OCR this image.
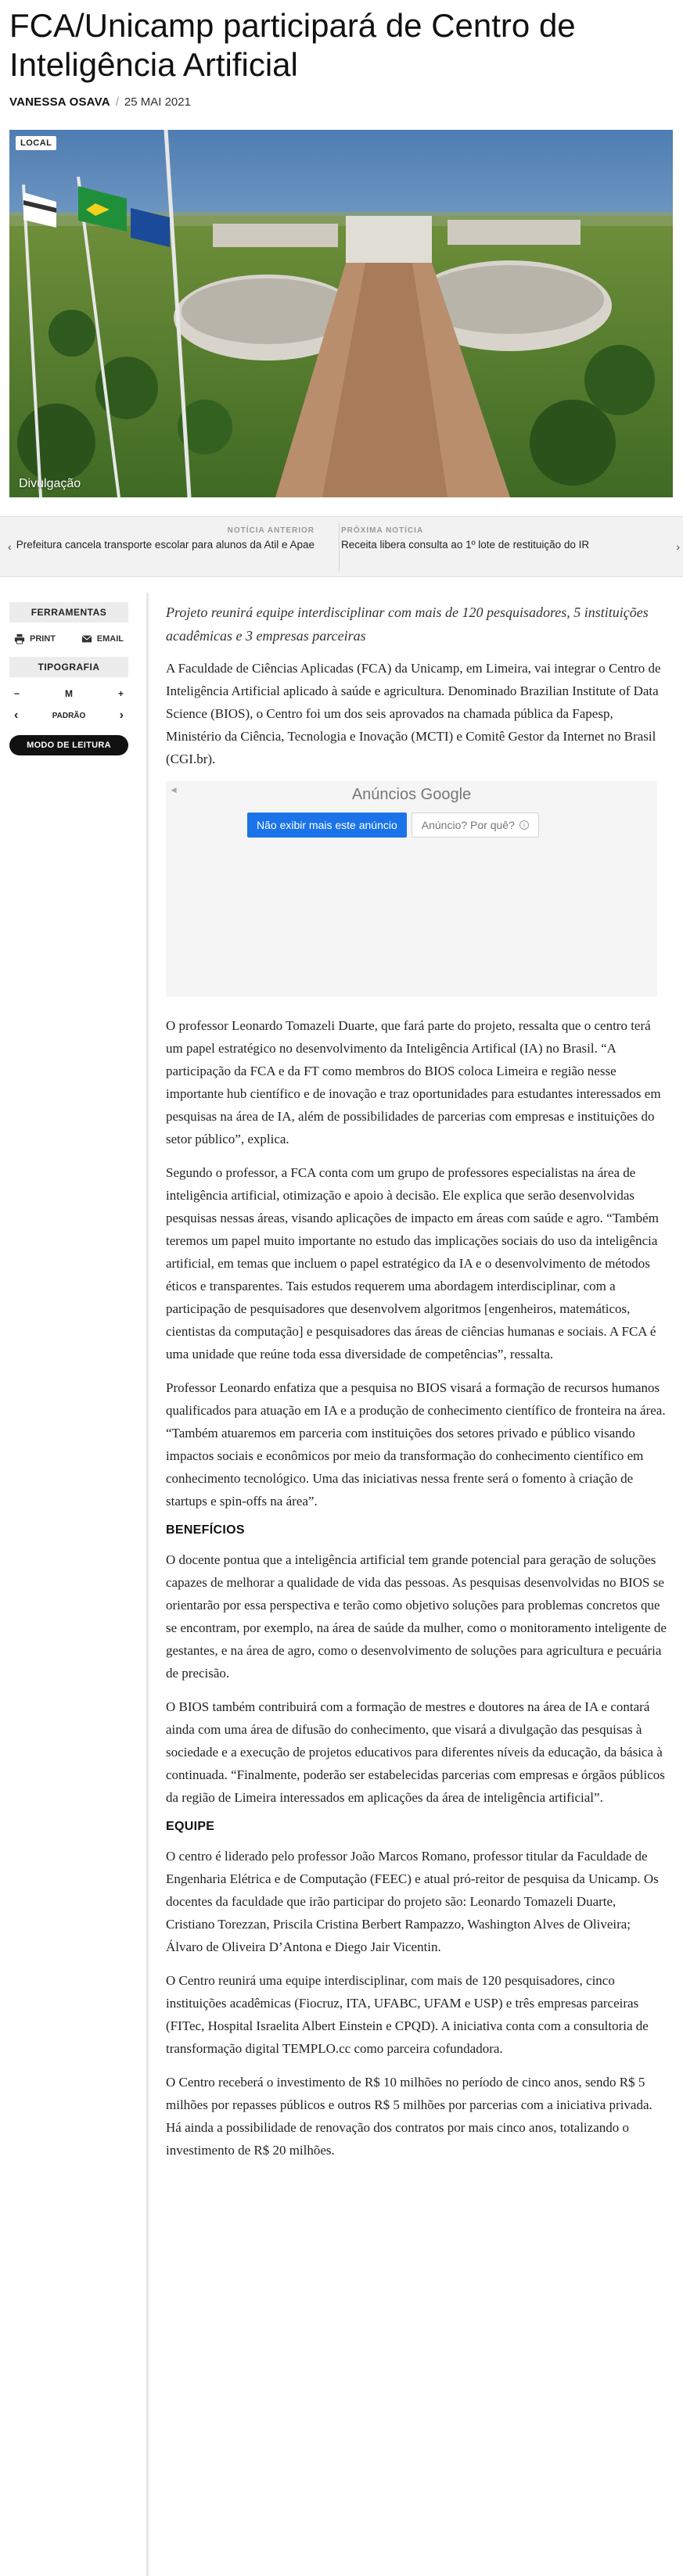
FCA/Unicamp participará de Centro de Inteligência Artificial
VANESSA OSAVA / 25 MAI 2021
LOCAL
Divulgação
‹
NOTÍCIA ANTERIOR
Prefeitura cancela transporte escolar para alunos da Atil e Apae
PRÓXIMA NOTÍCIA
Receita libera consulta ao 1º lote de restituição do IR	›
FERRAMENTAS
PRINT	EMAIL
TIPOGRAFIA
−	M	+
‹	PADRÃO	›
MODO DE LEITURA

Projeto reunirá equipe interdisciplinar com mais de 120 pesquisadores, 5 instituições acadêmicas e 3 empresas parceiras

A Faculdade de Ciências Aplicadas (FCA) da Unicamp, em Limeira, vai integrar o Centro de Inteligência Artificial aplicado à saúde e agricultura. Denominado Brazilian Institute of Data Science (BIOS), o Centro foi um dos seis aprovados na chamada pública da Fapesp, Ministério da Ciência, Tecnologia e Inovação (MCTI) e Comitê Gestor da Internet no Brasil (CGI.br).

◄	Anúncios Google
Não exibir mais este anúncio	Anúncio? Por quê?	i

O professor Leonardo Tomazeli Duarte, que fará parte do projeto, ressalta que o centro terá um papel estratégico no desenvolvimento da Inteligência Artifical (IA) no Brasil. “A participação da FCA e da FT como membros do BIOS coloca Limeira e região nesse importante hub científico e de inovação e traz oportunidades para estudantes interessados em pesquisas na área de IA, além de possibilidades de parcerias com empresas e instituições do setor público”, explica.

Segundo o professor, a FCA conta com um grupo de professores especialistas na área de inteligência artificial, otimização e apoio à decisão. Ele explica que serão desenvolvidas pesquisas nessas áreas, visando aplicações de impacto em áreas com saúde e agro. “Também teremos um papel muito importante no estudo das implicações sociais do uso da inteligência artificial, em temas que incluem o papel estratégico da IA e o desenvolvimento de métodos éticos e transparentes. Tais estudos requerem uma abordagem interdisciplinar, com a participação de pesquisadores que desenvolvem algoritmos [engenheiros, matemáticos, cientistas da computação] e pesquisadores das áreas de ciências humanas e sociais. A FCA é uma unidade que reúne toda essa diversidade de competências”, ressalta.

Professor Leonardo enfatiza que a pesquisa no BIOS visará a formação de recursos humanos qualificados para atuação em IA e a produção de conhecimento científico de fronteira na área. “Também atuaremos em parceria com instituições dos setores privado e público visando impactos sociais e econômicos por meio da transformação do conhecimento científico em conhecimento tecnológico. Uma das iniciativas nessa frente será o fomento à criação de startups e spin-offs na área”.

BENEFÍCIOS

O docente pontua que a inteligência artificial tem grande potencial para geração de soluções capazes de melhorar a qualidade de vida das pessoas. As pesquisas desenvolvidas no BIOS se orientarão por essa perspectiva e terão como objetivo soluções para problemas concretos que se encontram, por exemplo, na área de saúde da mulher, como o monitoramento inteligente de gestantes, e na área de agro, como o desenvolvimento de soluções para agricultura e pecuária de precisão.

O BIOS também contribuirá com a formação de mestres e doutores na área de IA e contará ainda com uma área de difusão do conhecimento, que visará a divulgação das pesquisas à sociedade e a execução de projetos educativos para diferentes níveis da educação, da básica à continuada. “Finalmente, poderão ser estabelecidas parcerias com empresas e órgãos públicos da região de Limeira interessados em aplicações da área de inteligência artificial”.

EQUIPE

O centro é liderado pelo professor João Marcos Romano, professor titular da Faculdade de Engenharia Elétrica e de Computação (FEEC) e atual pró-reitor de pesquisa da Unicamp. Os docentes da faculdade que irão participar do projeto são: Leonardo Tomazeli Duarte, Cristiano Torezzan, Priscila Cristina Berbert Rampazzo, Washington Alves de Oliveira; Álvaro de Oliveira D’Antona e Diego Jair Vicentin.

O Centro reunirá uma equipe interdisciplinar, com mais de 120 pesquisadores, cinco instituições acadêmicas (Fiocruz, ITA, UFABC, UFAM e USP) e três empresas parceiras (FITec, Hospital Israelita Albert Einstein e CPQD). A iniciativa conta com a consultoria de transformação digital TEMPLO.cc como parceira cofundadora.

O Centro receberá o investimento de R$ 10 milhões no período de cinco anos, sendo R$ 5 milhões por repasses públicos e outros R$ 5 milhões por parcerias com a iniciativa privada. Há ainda a possibilidade de renovação dos contratos por mais cinco anos, totalizando o investimento de R$ 20 milhões.
